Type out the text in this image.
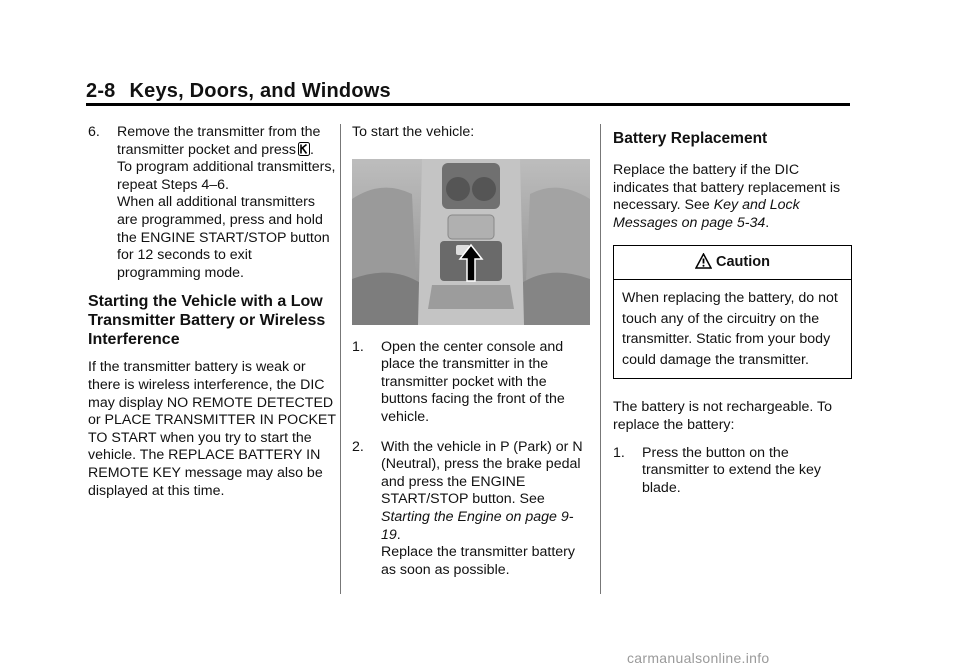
2-8 Keys, Doors, and Windows
6. Remove the transmitter from the transmitter pocket and press .

To program additional transmitters, repeat Steps 4–6.

When all additional transmitters are programmed, press and hold the ENGINE START/STOP button for 12 seconds to exit programming mode.

Starting the Vehicle with a Low Transmitter Battery or Wireless Interference

If the transmitter battery is weak or there is wireless interference, the DIC may display NO REMOTE DETECTED or PLACE TRANSMITTER IN POCKET TO START when you try to start the vehicle. The REPLACE BATTERY IN REMOTE KEY message may also be displayed at this time.

To start the vehicle:

1. Open the center console and place the transmitter in the transmitter pocket with the buttons facing the front of the vehicle.

2. With the vehicle in P (Park) or N (Neutral), press the brake pedal and press the ENGINE START/STOP button. See Starting the Engine on page 9-19.

Replace the transmitter battery as soon as possible.

Battery Replacement

Replace the battery if the DIC indicates that battery replacement is necessary. See Key and Lock Messages on page 5-34.

Caution
When replacing the battery, do not touch any of the circuitry on the transmitter. Static from your body could damage the transmitter.

The battery is not rechargeable. To replace the battery:

1. Press the button on the transmitter to extend the key blade.

carmanualsonline.info
